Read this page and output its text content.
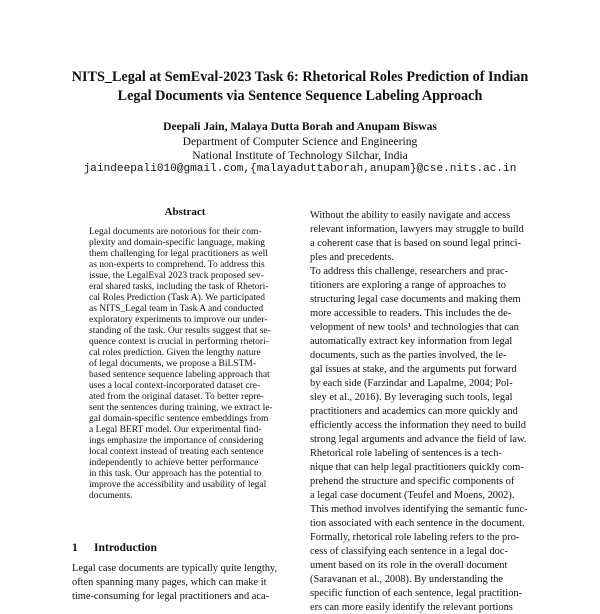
NITS_Legal at SemEval-2023 Task 6: Rhetorical Roles Prediction of Indian
Legal Documents via Sentence Sequence Labeling Approach
Deepali Jain, Malaya Dutta Borah and Anupam Biswas
Department of Computer Science and Engineering
National Institute of Technology Silchar, India
jaindeepali010@gmail.com,{malayaduttaborah,anupam}@cse.nits.ac.in
Abstract
Legal documents are notorious for their com-
plexity and domain-specific language, making
them challenging for legal practitioners as well
as non-experts to comprehend. To address this
issue, the LegalEval 2023 track proposed sev-
eral shared tasks, including the task of Rhetori-
cal Roles Prediction (Task A). We participated
as NITS_Legal team in Task A and conducted
exploratory experiments to improve our under-
standing of the task. Our results suggest that se-
quence context is crucial in performing rhetori-
cal roles prediction. Given the lengthy nature
of legal documents, we propose a BiLSTM-
based sentence sequence labeling approach that
uses a local context-incorporated dataset cre-
ated from the original dataset. To better repre-
sent the sentences during training, we extract le-
gal domain-specific sentence embeddings from
a Legal BERT model. Our experimental find-
ings emphasize the importance of considering
local context instead of treating each sentence
independently to achieve better performance
in this task. Our approach has the potential to
improve the accessibility and usability of legal
documents.
1 Introduction
Legal case documents are typically quite lengthy,
often spanning many pages, which can make it
time-consuming for legal practitioners and aca-
Without the ability to easily navigate and access
relevant information, lawyers may struggle to build
a coherent case that is based on sound legal princi-
ples and precedents.
To address this challenge, researchers and prac-
titioners are exploring a range of approaches to
structuring legal case documents and making them
more accessible to readers. This includes the de-
velopment of new tools¹ and technologies that can
automatically extract key information from legal
documents, such as the parties involved, the le-
gal issues at stake, and the arguments put forward
by each side (Farzindar and Lapalme, 2004; Pol-
sley et al., 2016). By leveraging such tools, legal
practitioners and academics can more quickly and
efficiently access the information they need to build
strong legal arguments and advance the field of law.
Rhetorical role labeling of sentences is a tech-
nique that can help legal practitioners quickly com-
prehend the structure and specific components of
a legal case document (Teufel and Moens, 2002).
This method involves identifying the semantic func-
tion associated with each sentence in the document.
Formally, rhetorical role labeling refers to the pro-
cess of classifying each sentence in a legal doc-
ument based on its role in the overall document
(Saravanan et al., 2008). By understanding the
specific function of each sentence, legal practition-
ers can more easily identify the relevant portions
